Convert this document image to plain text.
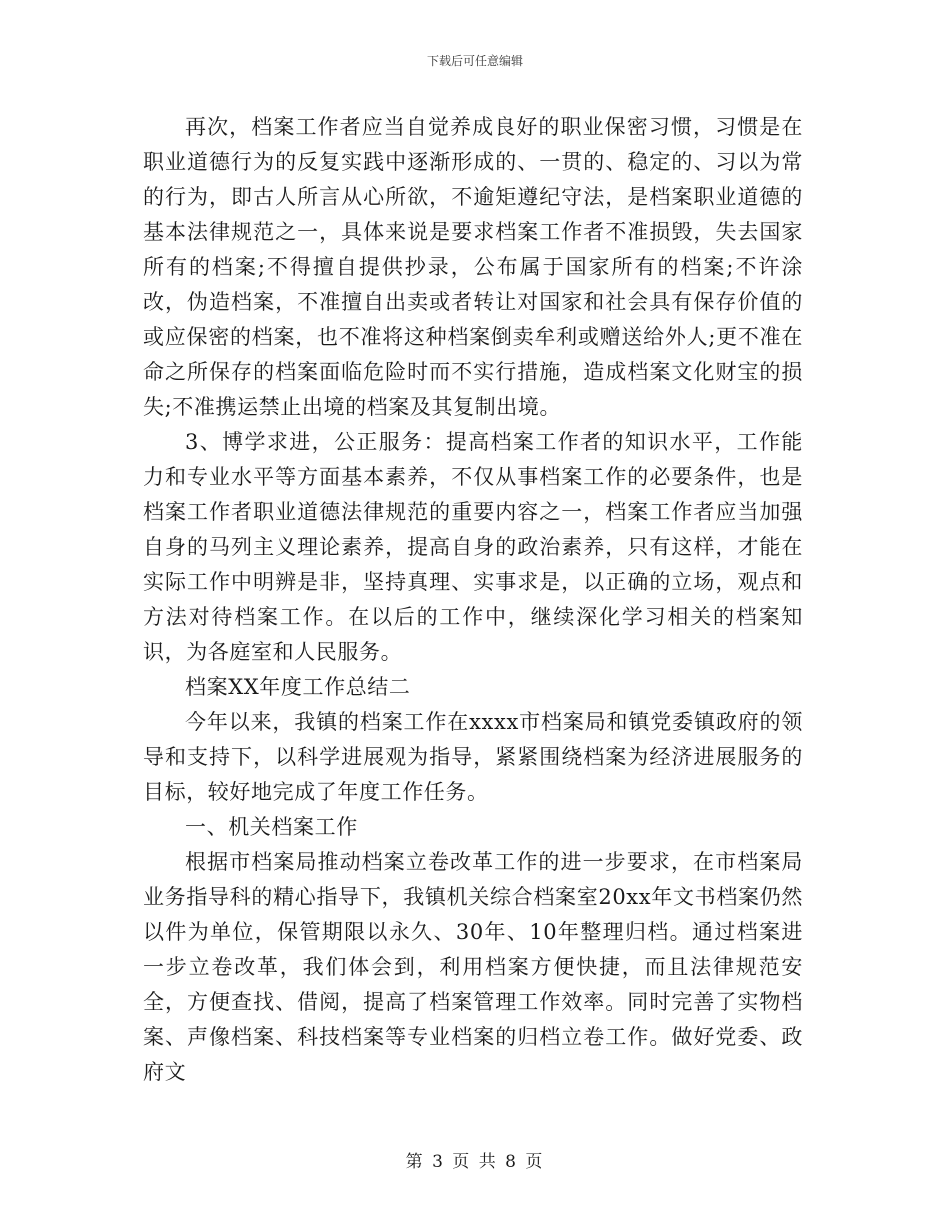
下载后可任意编辑

再次，档案工作者应当自觉养成良好的职业保密习惯，习惯是在职业道德行为的反复实践中逐渐形成的、一贯的、稳定的、习以为常的行为，即古人所言从心所欲，不逾矩遵纪守法，是档案职业道德的基本法律规范之一，具体来说是要求档案工作者不准损毁，失去国家所有的档案;不得擅自提供抄录，公布属于国家所有的档案;不许涂改，伪造档案，不准擅自出卖或者转让对国家和社会具有保存价值的或应保密的档案，也不准将这种档案倒卖牟利或赠送给外人;更不准在命之所保存的档案面临危险时而不实行措施，造成档案文化财宝的损失;不准携运禁止出境的档案及其复制出境。

3、博学求进，公正服务：提高档案工作者的知识水平，工作能力和专业水平等方面基本素养，不仅从事档案工作的必要条件，也是档案工作者职业道德法律规范的重要内容之一，档案工作者应当加强自身的马列主义理论素养，提高自身的政治素养，只有这样，才能在实际工作中明辨是非，坚持真理、实事求是，以正确的立场，观点和方法对待档案工作。在以后的工作中，继续深化学习相关的档案知识，为各庭室和人民服务。

档案XX年度工作总结二

今年以来，我镇的档案工作在xxxx市档案局和镇党委镇政府的领导和支持下，以科学进展观为指导，紧紧围绕档案为经济进展服务的目标，较好地完成了年度工作任务。

一、机关档案工作

根据市档案局推动档案立卷改革工作的进一步要求，在市档案局业务指导科的精心指导下，我镇机关综合档案室20xx年文书档案仍然以件为单位，保管期限以永久、30年、10年整理归档。通过档案进一步立卷改革，我们体会到，利用档案方便快捷，而且法律规范安全，方便查找、借阅，提高了档案管理工作效率。同时完善了实物档案、声像档案、科技档案等专业档案的归档立卷工作。做好党委、政府文

第 3 页 共 8 页
